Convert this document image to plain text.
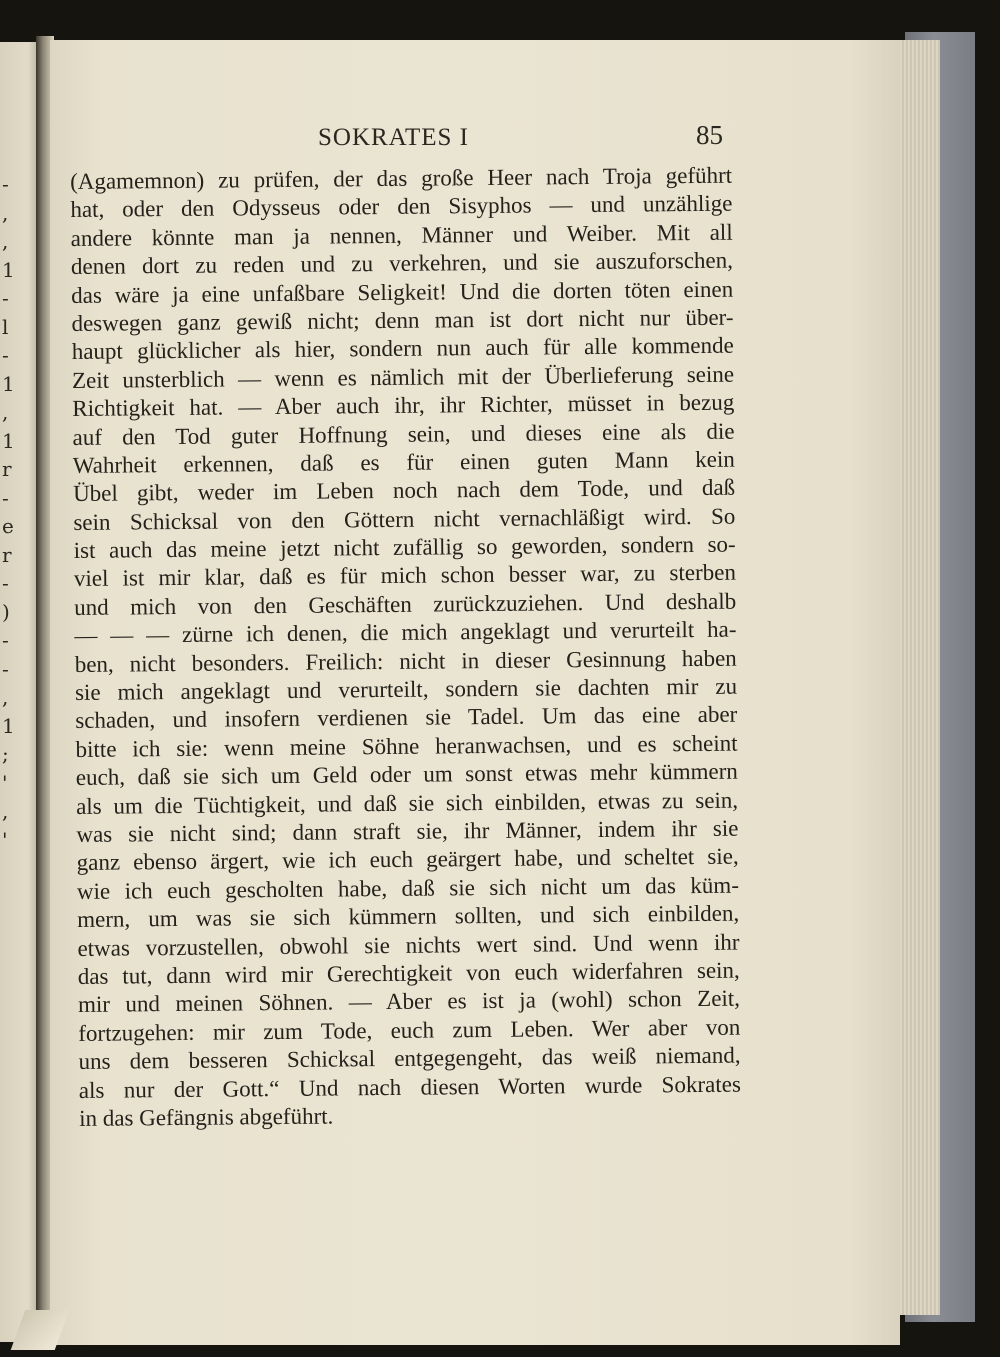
-
,
,
1
-
l
-
1
,
1
r
-
e
r
-
)
-
-
,
1
;
'
,
'
SOKRATES I	85
(Agamemnon) zu prüfen, der das große Heer nach Troja geführt
hat, oder den Odysseus oder den Sisyphos — und unzählige
andere könnte man ja nennen, Männer und Weiber. Mit all
denen dort zu reden und zu verkehren, und sie auszuforschen,
das wäre ja eine unfaßbare Seligkeit! Und die dorten töten einen
deswegen ganz gewiß nicht; denn man ist dort nicht nur über-
haupt glücklicher als hier, sondern nun auch für alle kommende
Zeit unsterblich — wenn es nämlich mit der Überlieferung seine
Richtigkeit hat. — Aber auch ihr, ihr Richter, müsset in bezug
auf den Tod guter Hoffnung sein, und dieses eine als die
Wahrheit erkennen, daß es für einen guten Mann kein
Übel gibt, weder im Leben noch nach dem Tode, und daß
sein Schicksal von den Göttern nicht vernachläßigt wird. So
ist auch das meine jetzt nicht zufällig so geworden, sondern so-
viel ist mir klar, daß es für mich schon besser war, zu sterben
und mich von den Geschäften zurückzuziehen. Und deshalb
— — — zürne ich denen, die mich angeklagt und verurteilt ha-
ben, nicht besonders. Freilich: nicht in dieser Gesinnung haben
sie mich angeklagt und verurteilt, sondern sie dachten mir zu
schaden, und insofern verdienen sie Tadel. Um das eine aber
bitte ich sie: wenn meine Söhne heranwachsen, und es scheint
euch, daß sie sich um Geld oder um sonst etwas mehr kümmern
als um die Tüchtigkeit, und daß sie sich einbilden, etwas zu sein,
was sie nicht sind; dann straft sie, ihr Männer, indem ihr sie
ganz ebenso ärgert, wie ich euch geärgert habe, und scheltet sie,
wie ich euch gescholten habe, daß sie sich nicht um das küm-
mern, um was sie sich kümmern sollten, und sich einbilden,
etwas vorzustellen, obwohl sie nichts wert sind. Und wenn ihr
das tut, dann wird mir Gerechtigkeit von euch widerfahren sein,
mir und meinen Söhnen. — Aber es ist ja (wohl) schon Zeit,
fortzugehen: mir zum Tode, euch zum Leben. Wer aber von
uns dem besseren Schicksal entgegengeht, das weiß niemand,
als nur der Gott.“ Und nach diesen Worten wurde Sokrates
in das Gefängnis abgeführt.
